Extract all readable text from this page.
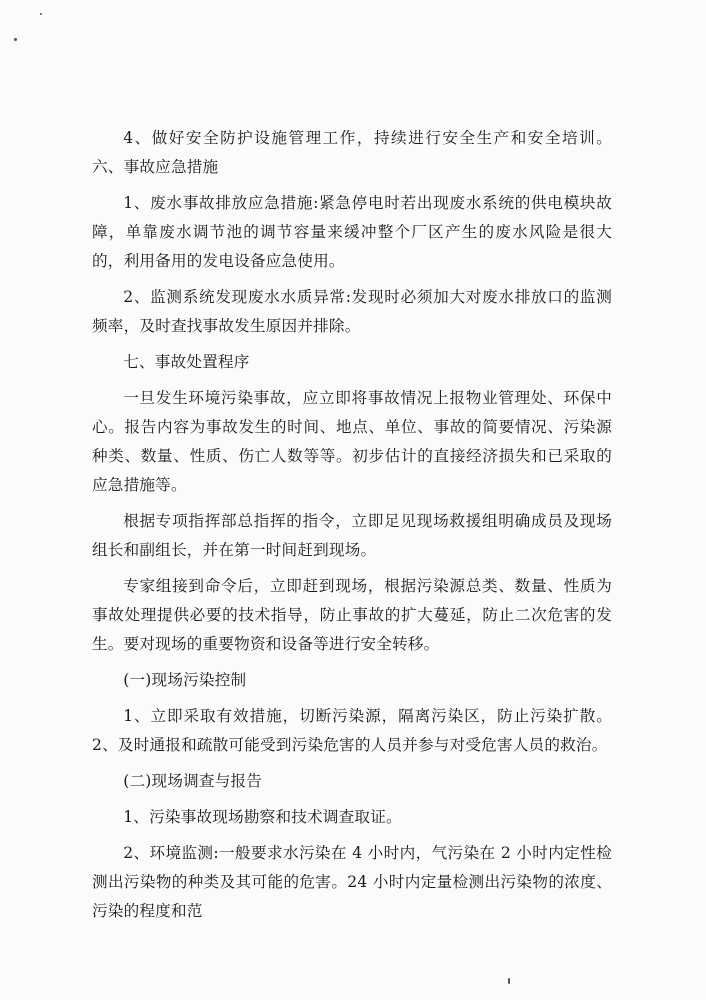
4、做好安全防护设施管理工作，持续进行安全生产和安全培训。 六、事故应急措施

1、废水事故排放应急措施:紧急停电时若出现废水系统的供电模块故障，单靠废水调节池的调节容量来缓冲整个厂区产生的废水风险是很大的，利用备用的发电设备应急使用。

2、监测系统发现废水水质异常:发现时必须加大对废水排放口的监测频率，及时查找事故发生原因并排除。

七、事故处置程序

一旦发生环境污染事故，应立即将事故情况上报物业管理处、环保中心。报告内容为事故发生的时间、地点、单位、事故的简要情况、污染源种类、数量、性质、伤亡人数等等。初步估计的直接经济损失和已采取的应急措施等。

根据专项指挥部总指挥的指令，立即足见现场救援组明确成员及现场组长和副组长，并在第一时间赶到现场。

专家组接到命令后，立即赶到现场，根据污染源总类、数量、性质为事故处理提供必要的技术指导，防止事故的扩大蔓延，防止二次危害的发生。要对现场的重要物资和设备等进行安全转移。

(一)现场污染控制

1、立即采取有效措施，切断污染源，隔离污染区，防止污染扩散。 2、及时通报和疏散可能受到污染危害的人员并参与对受危害人员的救治。

(二)现场调查与报告

1、污染事故现场勘察和技术调查取证。

2、环境监测:一般要求水污染在 4 小时内，气污染在 2 小时内定性检测出污染物的种类及其可能的危害。24 小时内定量检测出污染物的浓度、污染的程度和范
